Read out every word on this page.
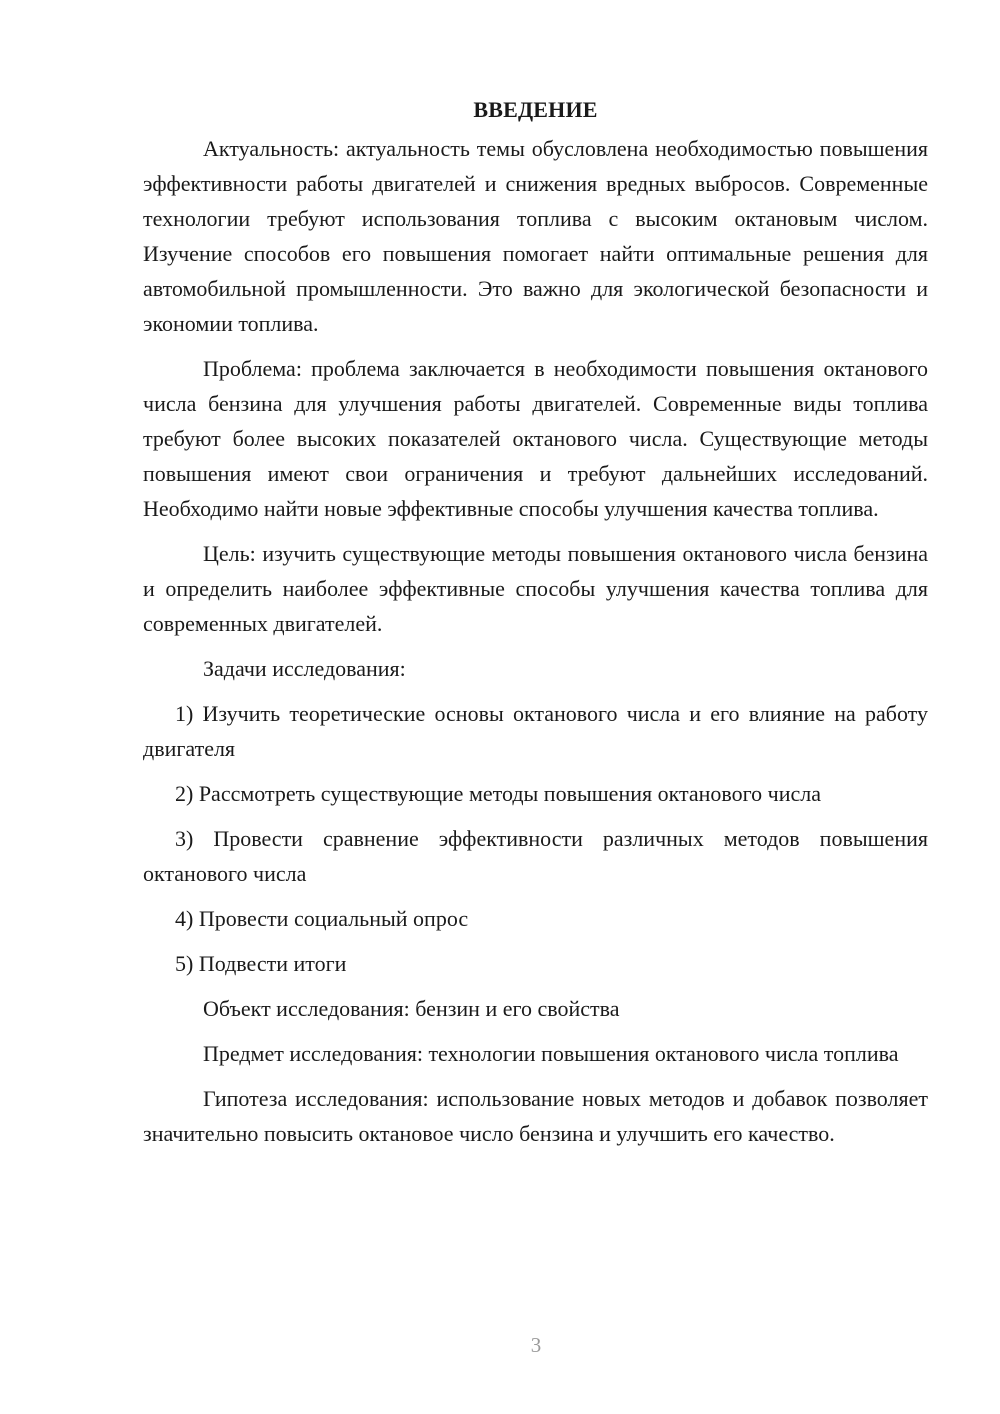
ВВЕДЕНИЕ

Актуальность: актуальность темы обусловлена необходимостью повышения эффективности работы двигателей и снижения вредных выбросов. Современные технологии требуют использования топлива с высоким октановым числом. Изучение способов его повышения помогает найти оптимальные решения для автомобильной промышленности. Это важно для экологической безопасности и экономии топлива.

Проблема: проблема заключается в необходимости повышения октанового числа бензина для улучшения работы двигателей. Современные виды топлива требуют более высоких показателей октанового числа. Существующие методы повышения имеют свои ограничения и требуют дальнейших исследований. Необходимо найти новые эффективные способы улучшения качества топлива.

Цель: изучить существующие методы повышения октанового числа бензина и определить наиболее эффективные способы улучшения качества топлива для современных двигателей.

Задачи исследования:

1) Изучить теоретические основы октанового числа и его влияние на работу двигателя

2) Рассмотреть существующие методы повышения октанового числа

3) Провести сравнение эффективности различных методов повышения октанового числа

4) Провести социальный опрос

5) Подвести итоги

Объект исследования: бензин и его свойства

Предмет исследования: технологии повышения октанового числа топлива

Гипотеза исследования: использование новых методов и добавок позволяет значительно повысить октановое число бензина и улучшить его качество.

3
